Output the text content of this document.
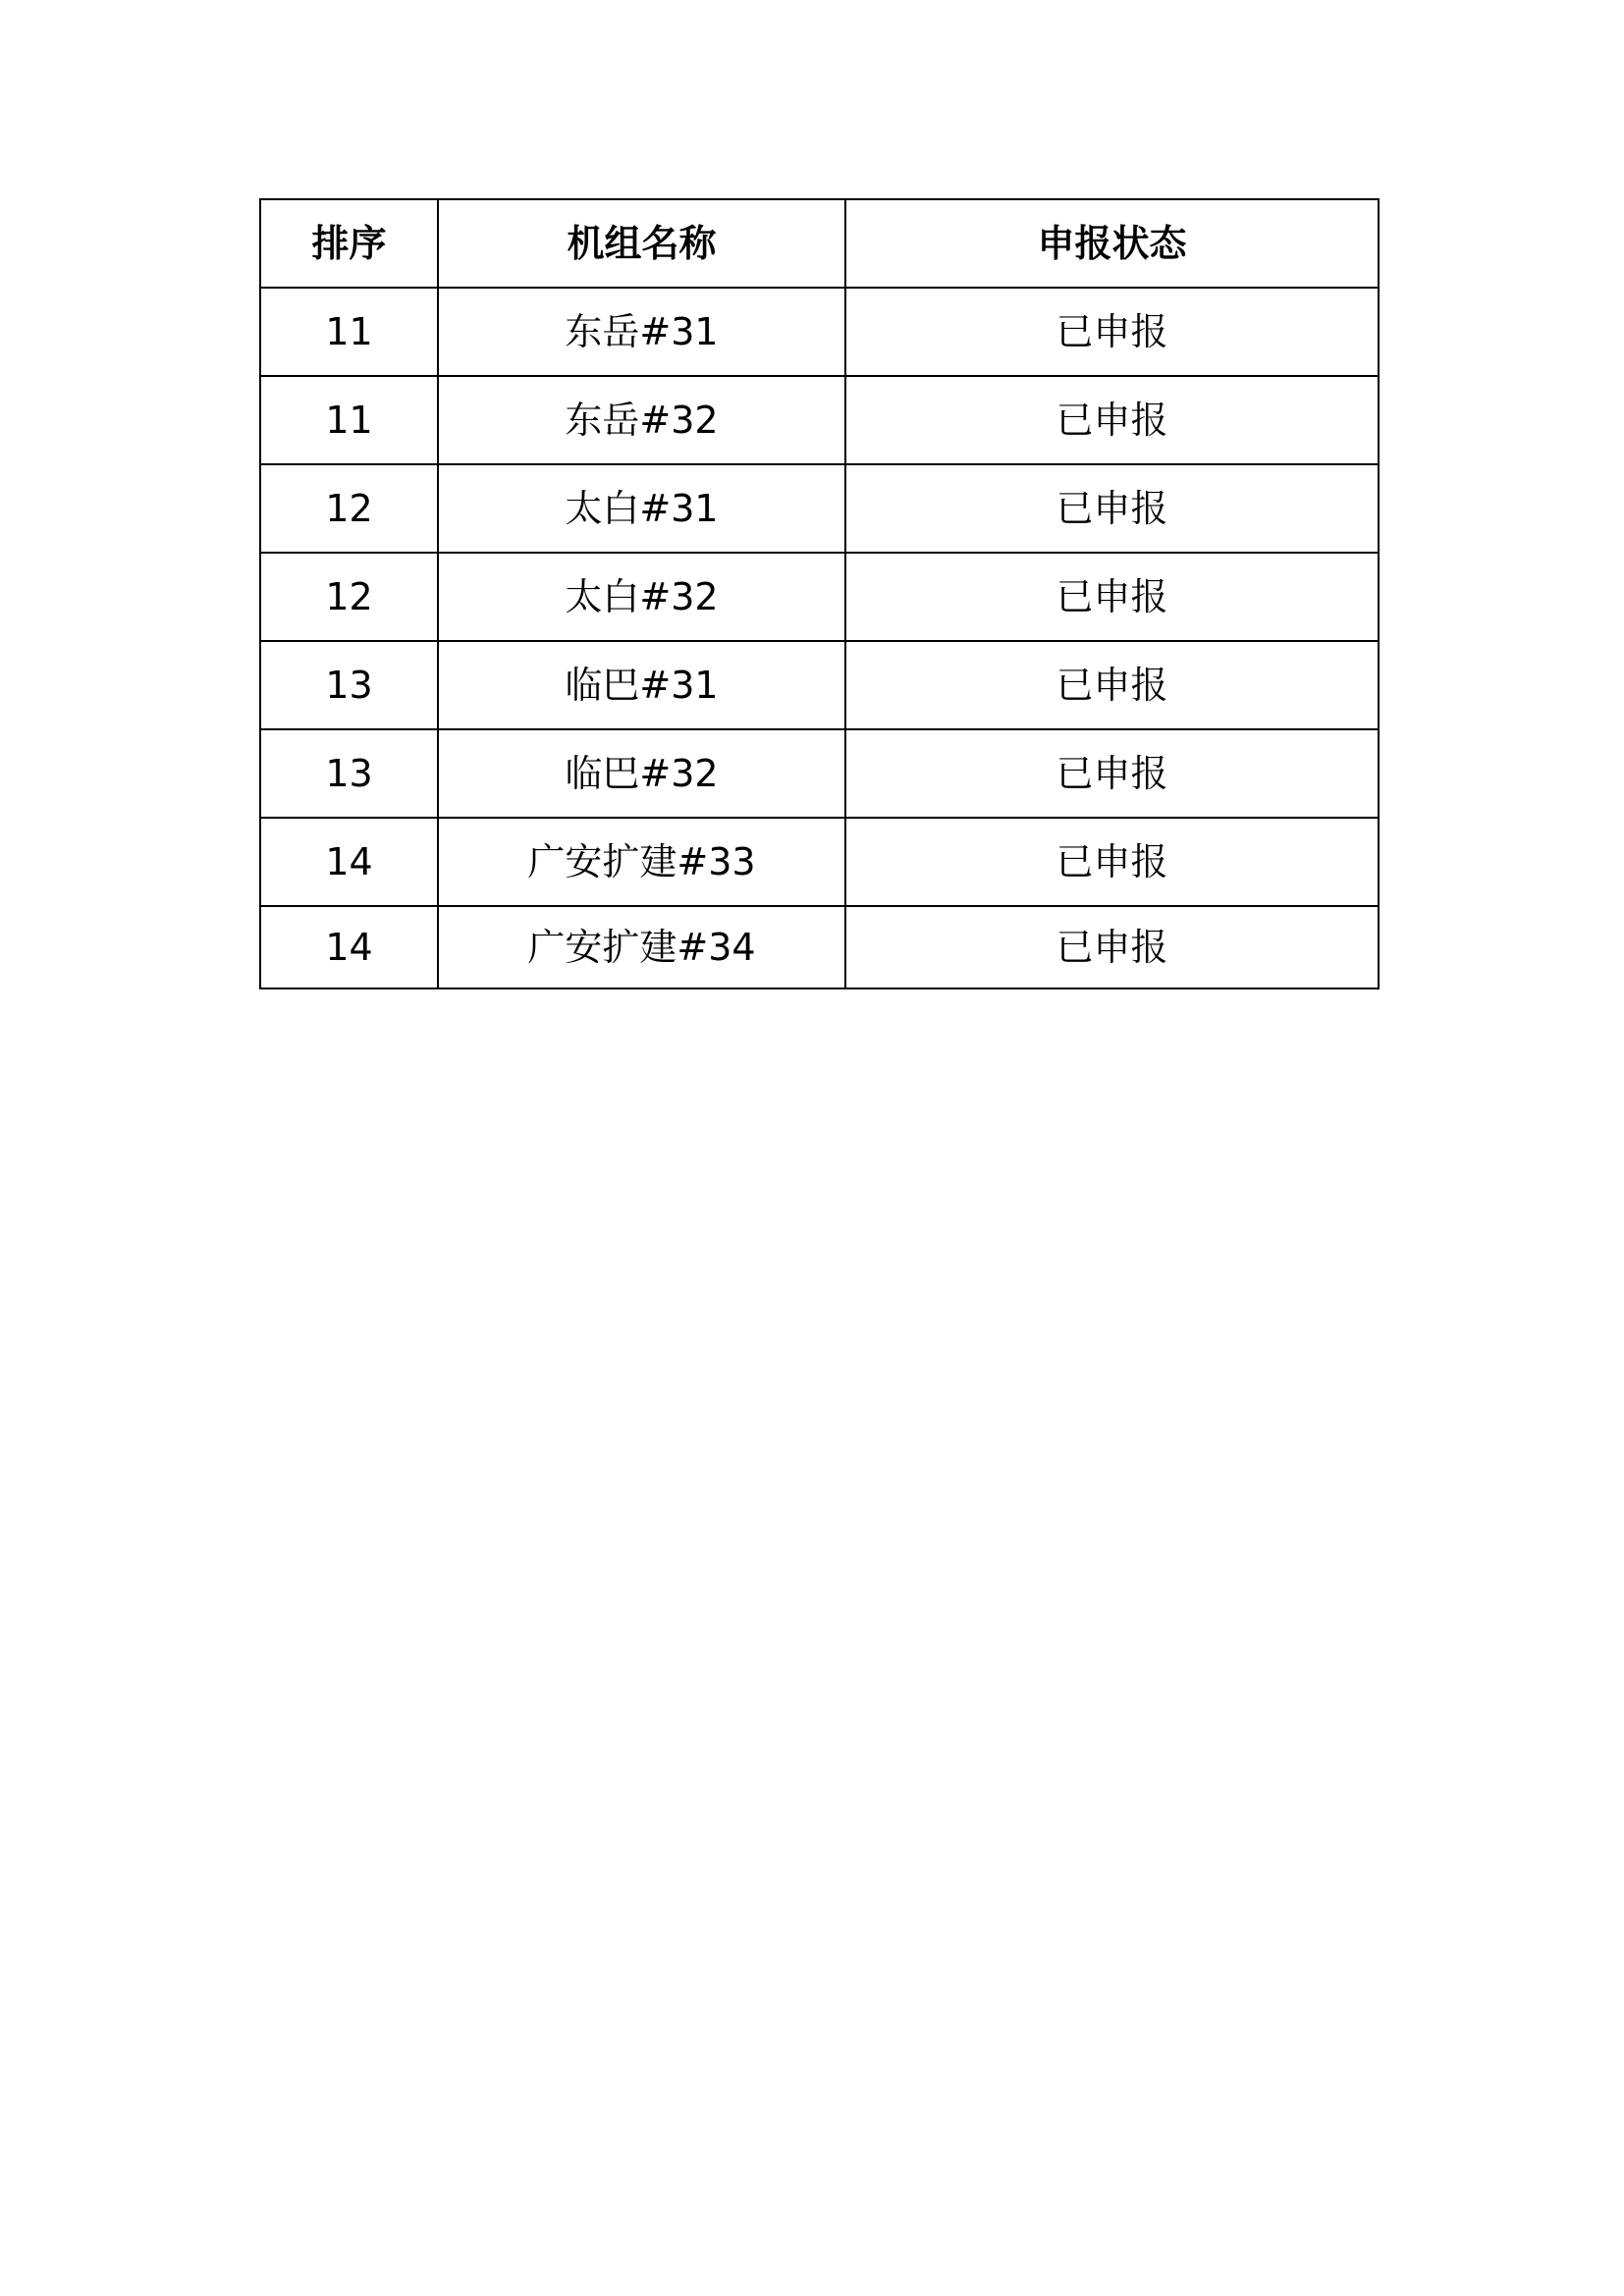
排序	机组名称	申报状态
11	东岳#31	已申报
11	东岳#32	已申报
12	太白#31	已申报
12	太白#32	已申报
13	临巴#31	已申报
13	临巴#32	已申报
14	广安扩建#33	已申报
14	广安扩建#34	已申报
